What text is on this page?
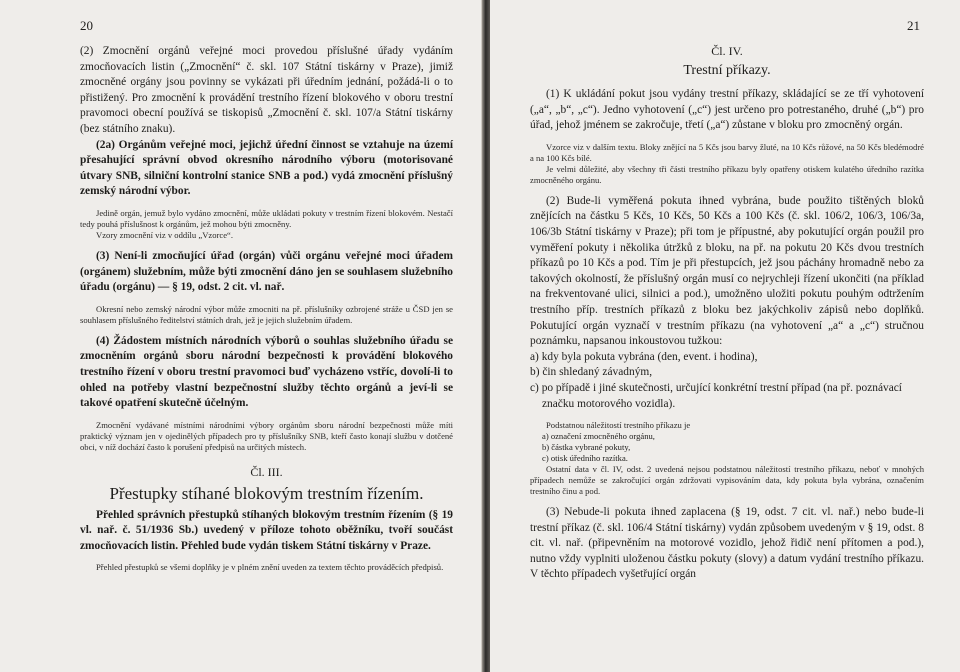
20

(2) Zmocnění orgánů veřejné moci provedou příslušné úřady vydáním zmocňovacích listin („Zmocnění“ č. skl. 107 Státní tiskárny v Praze), jimiž zmocněné orgány jsou povinny se vykázati při úředním jednání, požádá-li o to přistižený. Pro zmocnění k provádění trestního řízení blokového v oboru trestní pravomoci obecní používá se tiskopisů „Zmocnění č. skl. 107/a Státní tiskárny (bez státního znaku).

(2a) Orgánům veřejné moci, jejichž úřední činnost se vztahuje na území přesahující správní obvod okresního národního výboru (motorisované útvary SNB, silniční kontrolní stanice SNB a pod.) vydá zmocnění příslušný zemský národní výbor.

Jedině orgán, jemuž bylo vydáno zmocnění, může ukládati pokuty v trestním řízení blokovém. Nestačí tedy pouhá příslušnost k orgánům, jež mohou býti zmocněny.

Vzory zmocnění viz v oddílu „Vzorce“.

(3) Není-li zmocňující úřad (orgán) vůči orgánu veřejné moci úřadem (orgánem) služebním, může býti zmocnění dáno jen se souhlasem služebního úřadu (orgánu) — § 19, odst. 2 cit. vl. nař.

Okresní nebo zemský národní výbor může zmocniti na př. příslušníky ozbrojené stráže u ČSD jen se souhlasem příslušného ředitelství státních drah, jež je jejich služebním úřadem.

(4) Žádostem místních národních výborů o souhlas služebního úřadu se zmocněním orgánů sboru národní bezpečnosti k provádění blokového trestního řízení v oboru trestní pravomoci buď vycházeno vstříc, dovolí-li to ohled na potřeby vlastní bezpečnostní služby těchto orgánů a jeví-li se takové opatření skutečně účelným.

Zmocnění vydávané místními národními výbory orgánům sboru národní bezpečnosti může míti praktický význam jen v ojedinělých případech pro ty příslušníky SNB, kteří často konají službu v dotčené obci, v níž dochází často k porušení předpisů na určitých místech.

Čl. III.

Přestupky stíhané blokovým trestním řízením.

Přehled správních přestupků stíhaných blokovým trestním řízením (§ 19 vl. nař. č. 51/1936 Sb.) uvedený v příloze tohoto oběžníku, tvoří součást zmocňovacích listin. Přehled bude vydán tiskem Státní tiskárny v Praze.

Přehled přestupků se všemi doplňky je v plném znění uveden za textem těchto prováděcích předpisů.

21

Čl. IV.

Trestní příkazy.

(1) K ukládání pokut jsou vydány trestní příkazy, skládající se ze tří vyhotovení („a“, „b“, „c“). Jedno vyhotovení („c“) jest určeno pro potrestaného, druhé („b“) pro úřad, jehož jménem se zakročuje, třetí („a“) zůstane v bloku pro zmocněný orgán.

Vzorce viz v dalším textu. Bloky znějící na 5 Kčs jsou barvy žluté, na 10 Kčs růžové, na 50 Kčs bledémodré a na 100 Kčs bílé.

Je velmi důležité, aby všechny tři části trestního příkazu byly opatřeny otiskem kulatého úředního razítka zmocněného orgánu.

(2) Bude-li vyměřená pokuta ihned vybrána, bude použito tištěných bloků znějících na částku 5 Kčs, 10 Kčs, 50 Kčs a 100 Kčs (č. skl. 106/2, 106/3, 106/3a, 106/3b Státní tiskárny v Praze); při tom je přípustné, aby pokutující orgán použil pro vyměření pokuty i několika útržků z bloku, na př. na pokutu 20 Kčs dvou trestních příkazů po 10 Kčs a pod. Tím je při přestupcích, jež jsou páchány hromadně nebo za takových okolností, že příslušný orgán musí co nejrychleji řízení ukončiti (na příklad na frekventované ulici, silnici a pod.), umožněno uložiti pokutu pouhým odtržením trestního příp. trestních příkazů z bloku bez jakýchkoliv zápisů nebo doplňků. Pokutující orgán vyznačí v trestním příkazu (na vyhotovení „a“ a „c“) stručnou poznámku, napsanou inkoustovou tužkou:

a) kdy byla pokuta vybrána (den, event. i hodina),
b) čin shledaný závadným,
c) po případě i jiné skutečnosti, určující konkrétní trestní případ (na př. poznávací značku motorového vozidla).

Podstatnou náležitostí trestního příkazu je

a) označení zmocněného orgánu,
b) částka vybrané pokuty,
c) otisk úředního razítka.

Ostatní data v čl. IV, odst. 2 uvedená nejsou podstatnou náležitostí trestního příkazu, neboť v mnohých případech nemůže se zakročující orgán zdržovati vypisováním data, kdy pokuta byla vybrána, označením trestního činu a pod.

(3) Nebude-li pokuta ihned zaplacena (§ 19, odst. 7 cit. vl. nař.) nebo bude-li trestní příkaz (č. skl. 106/4 Státní tiskárny) vydán způsobem uvedeným v § 19, odst. 8 cit. vl. nař. (připevněním na motorové vozidlo, jehož řidič není přítomen a pod.), nutno vždy vyplniti uloženou částku pokuty (slovy) a datum vydání trestního příkazu. V těchto případech vyšetřující orgán
